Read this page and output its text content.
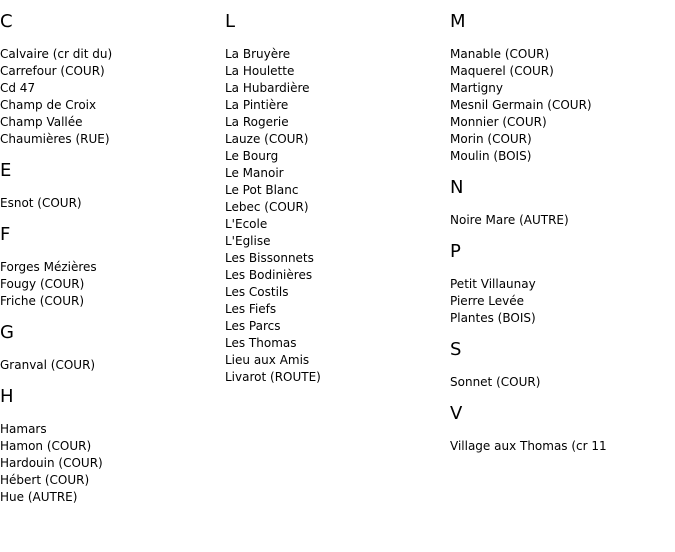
C
Calvaire (cr dit du)
Carrefour (COUR)
Cd 47
Champ de Croix
Champ Vallée
Chaumières (RUE)
E
Esnot (COUR)
F
Forges Mézières
Fougy (COUR)
Friche (COUR)
G
Granval (COUR)
H
Hamars
Hamon (COUR)
Hardouin (COUR)
Hébert (COUR)
Hue (AUTRE)
L
La Bruyère
La Houlette
La Hubardière
La Pintière
La Rogerie
Lauze (COUR)
Le Bourg
Le Manoir
Le Pot Blanc
Lebec (COUR)
L'Ecole
L'Eglise
Les Bissonnets
Les Bodinières
Les Costils
Les Fiefs
Les Parcs
Les Thomas
Lieu aux Amis
Livarot (ROUTE)
M
Manable (COUR)
Maquerel (COUR)
Martigny
Mesnil Germain (COUR)
Monnier (COUR)
Morin (COUR)
Moulin (BOIS)
N
Noire Mare (AUTRE)
P
Petit Villaunay
Pierre Levée
Plantes (BOIS)
S
Sonnet (COUR)
V
Village aux Thomas (cr 11
